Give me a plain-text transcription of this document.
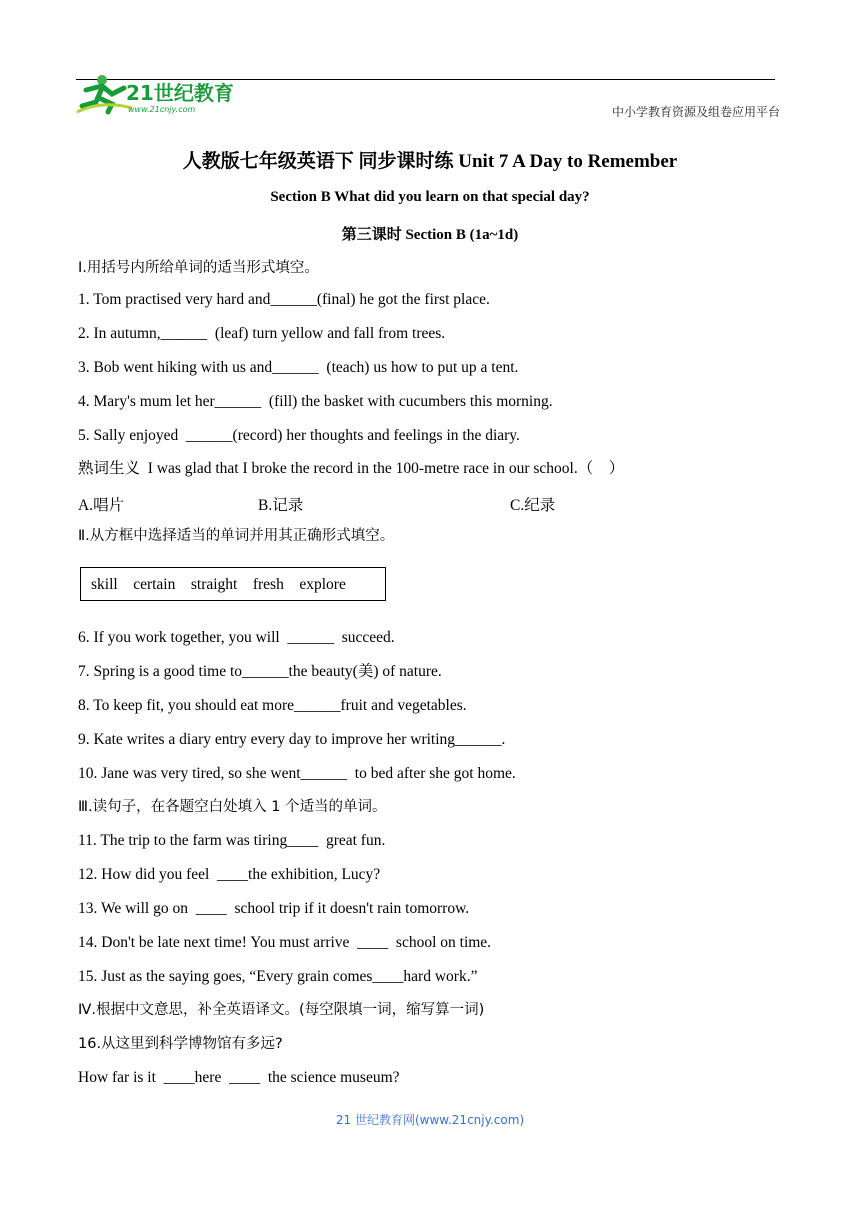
21世纪教育
www.21cnjy.com	中小学教育资源及组卷应用平台
人教版七年级英语下 同步课时练 Unit 7 A Day to Remember
Section B What did you learn on that special day?
第三课时 Section B (1a~1d)
Ⅰ.用括号内所给单词的适当形式填空。
1. Tom practised very hard and______(final) he got the first place.
2. In autumn,______  (leaf) turn yellow and fall from trees.
3. Bob went hiking with us and______  (teach) us how to put up a tent.
4. Mary's mum let her______  (fill) the basket with cucumbers this morning.
5. Sally enjoyed  ______(record) her thoughts and feelings in the diary.
熟词生义  I was glad that I broke the record in the 100-metre race in our school.（    ）
A.唱片	B.记录	C.纪录
Ⅱ.从方框中选择适当的单词并用其正确形式填空。
skill    certain    straight    fresh    explore
6. If you work together, you will  ______  succeed.
7. Spring is a good time to______the beauty(美) of nature.
8. To keep fit, you should eat more______fruit and vegetables.
9. Kate writes a diary entry every day to improve her writing______.
10. Jane was very tired, so she went______  to bed after she got home.
Ⅲ.读句子，在各题空白处填入 1 个适当的单词。
11. The trip to the farm was tiring____  great fun.
12. How did you feel  ____the exhibition, Lucy?
13. We will go on  ____  school trip if it doesn't rain tomorrow.
14. Don't be late next time! You must arrive  ____  school on time.
15. Just as the saying goes, “Every grain comes____hard work.”
Ⅳ.根据中文意思，补全英语译文。(每空限填一词，缩写算一词)
16.从这里到科学博物馆有多远?
How far is it  ____here  ____  the science museum?
21 世纪教育网(www.21cnjy.com)
